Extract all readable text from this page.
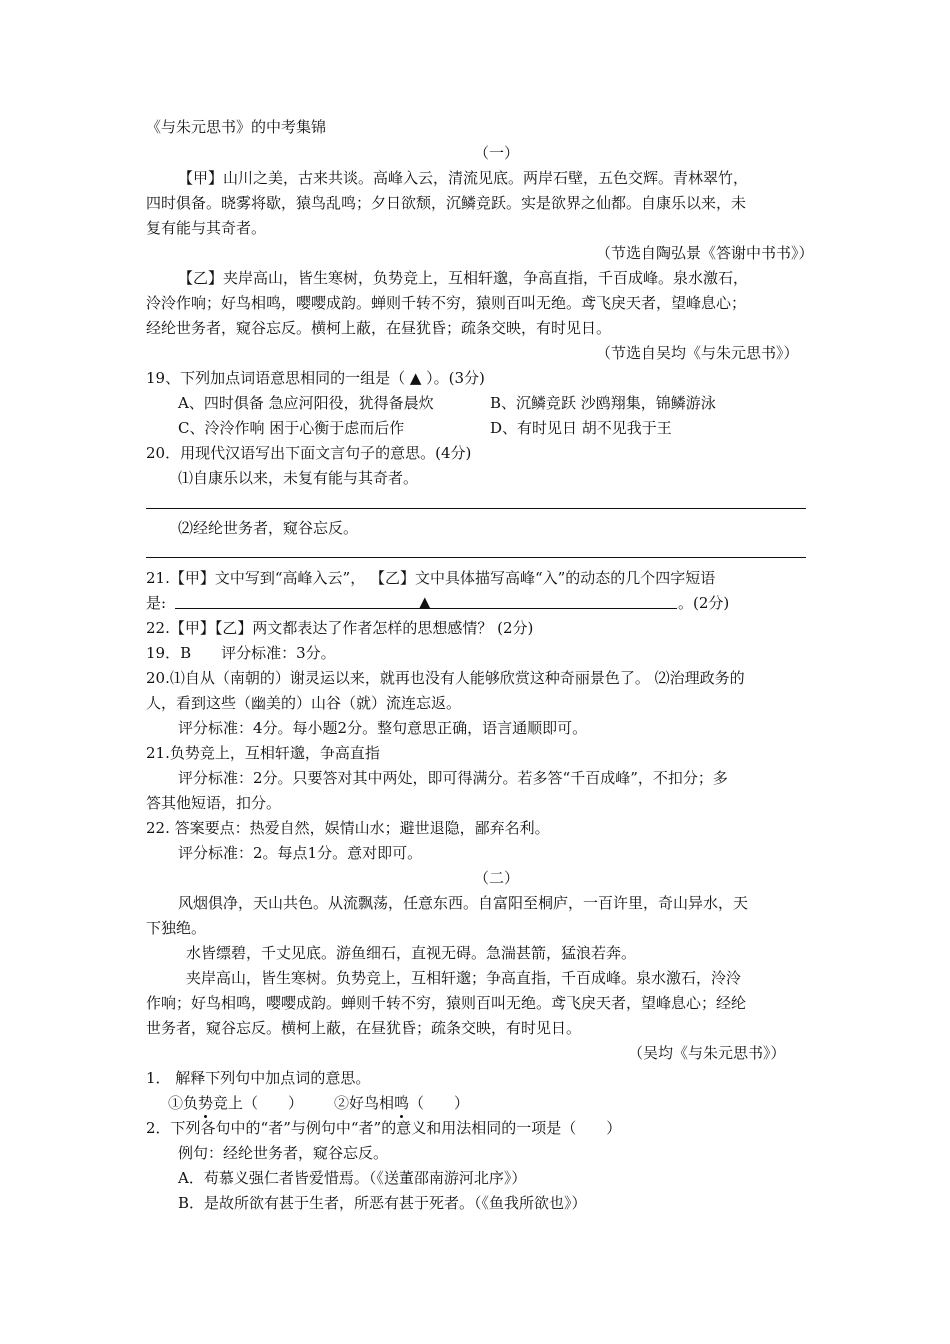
《与朱元思书》的中考集锦
（一）
【甲】山川之美，古来共谈。高峰入云，清流见底。两岸石壁，五色交辉。青林翠竹，
四时俱备。晓雾将歇，猿鸟乱鸣；夕日欲颓，沉鳞竞跃。实是欲界之仙都。自康乐以来，未
复有能与其奇者。
（节选自陶弘景《答谢中书书》）
【乙】夹岸高山，皆生寒树，负势竞上，互相轩邈，争高直指，千百成峰。泉水激石，
泠泠作响；好鸟相鸣，嘤嘤成韵。蝉则千转不穷，猿则百叫无绝。鸢飞戾天者，望峰息心；
经纶世务者，窥谷忘反。横柯上蔽，在昼犹昏；疏条交映，有时见日。
（节选自吴均《与朱元思书》）
19、下列加点词语意思相同的一组是（ ▲ ）。(3分)
A、四时俱备 急应河阳役，犹得备晨炊	B、沉鳞竞跃 沙鸥翔集，锦鳞游泳
C、泠泠作响 困于心衡于虑而后作	D、有时见日 胡不见我于王
20．用现代汉语写出下面文言句子的意思。(4分)
⑴自康乐以来，未复有能与其奇者。
⑵经纶世务者，窥谷忘反。
21.【甲】文中写到“高峰入云”， 【乙】文中具体描写高峰“入”的动态的几个四字短语
是:	▲	。(2分)
22.【甲】【乙】两文都表达了作者怎样的思想感情？ (2分)
19．B　　评分标准：3分。
20.⑴自从（南朝的）谢灵运以来，就再也没有人能够欣赏这种奇丽景色了。 ⑵治理政务的
人，看到这些（幽美的）山谷（就）流连忘返。
评分标准：4分。每小题2分。整句意思正确，语言通顺即可。
21.负势竞上，互相轩邈，争高直指
评分标准：2分。只要答对其中两处，即可得满分。若多答“千百成峰”，不扣分；多
答其他短语，扣分。
22. 答案要点：热爱自然，娱情山水；避世退隐，鄙弃名利。
评分标准：2。每点1分。意对即可。
（二）
风烟俱净，天山共色。从流飘荡，任意东西。自富阳至桐庐，一百许里，奇山异水，天
下独绝。
水皆缥碧，千丈见底。游鱼细石，直视无碍。急湍甚箭，猛浪若奔。
夹岸高山，皆生寒树。负势竞上，互相轩邈；争高直指，千百成峰。泉水激石，泠泠
作响；好鸟相鸣，嘤嘤成韵。蝉则千转不穷，猿则百叫无绝。鸢飞戾天者，望峰息心；经纶
世务者，窥谷忘反。横柯上蔽，在昼犹昏；疏条交映，有时见日。
（吴均《与朱元思书》）
1． 解释下列句中加点词的意思。
①负势竞上（　　） ②好鸟相鸣（　　）
2．下列各句中的“者”与例句中“者”的意义和用法相同的一项是（　　）
例句：经纶世务者，窥谷忘反。
A．苟慕义强仁者皆爱惜焉。（《送董邵南游河北序》）
B．是故所欲有甚于生者，所恶有甚于死者。（《鱼我所欲也》）
